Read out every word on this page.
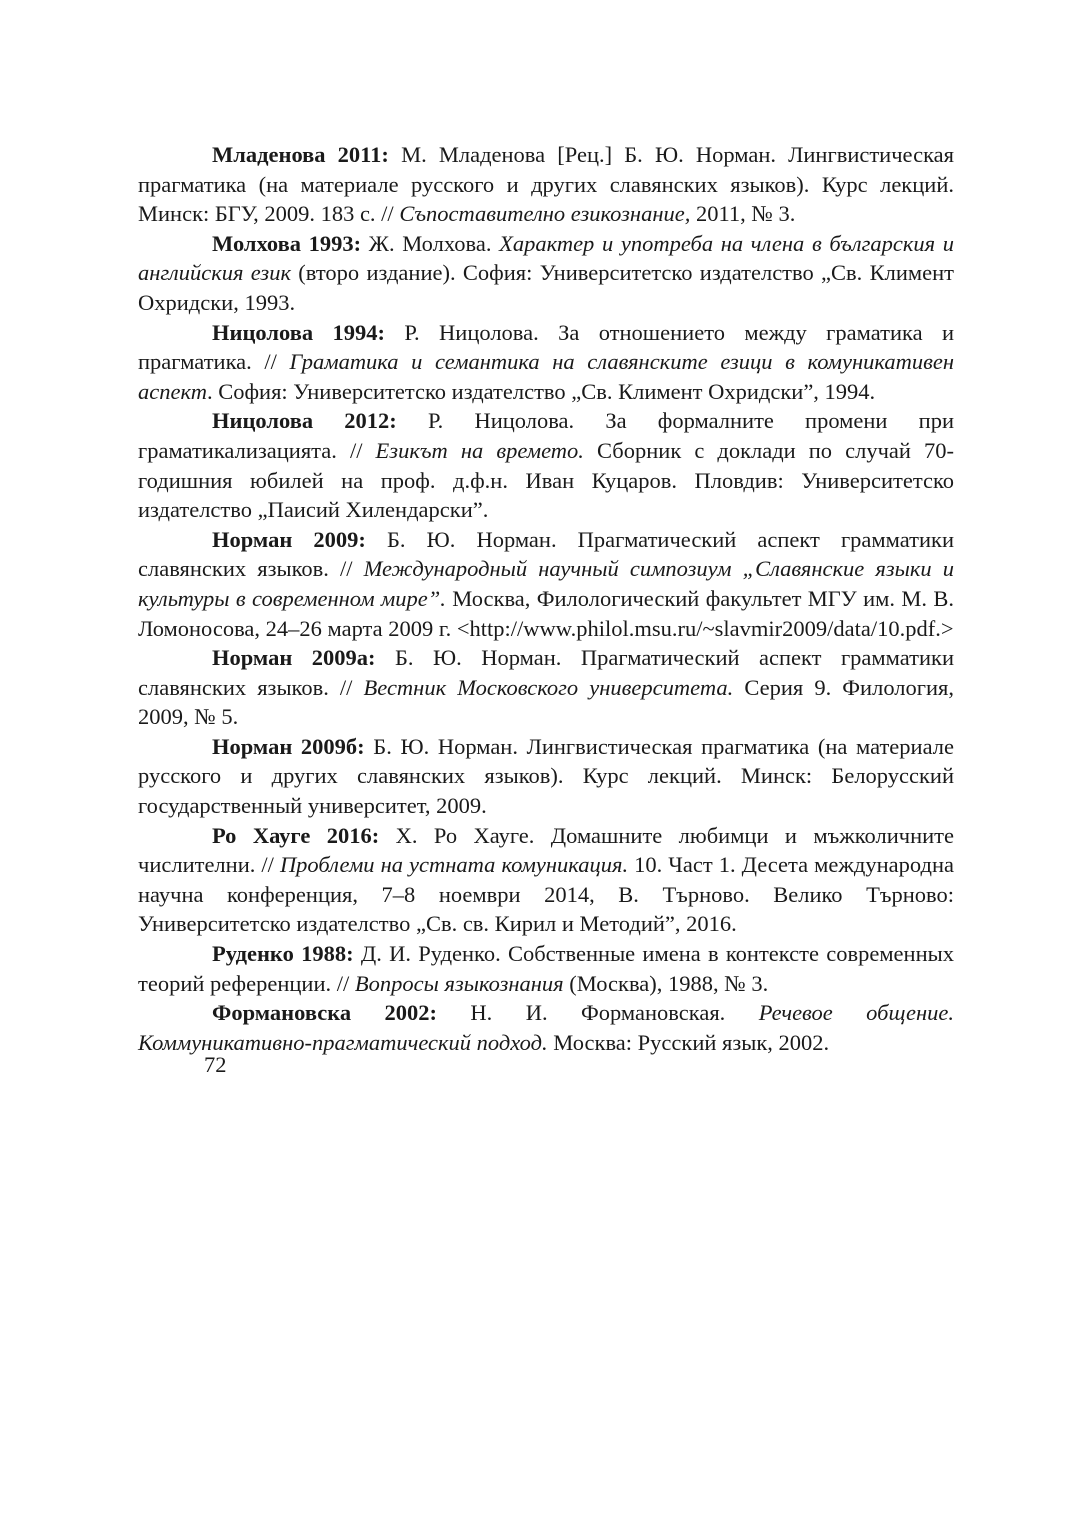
Младенова 2011: М. Младенова [Рец.] Б. Ю. Норман. Лингвистическая прагматика (на материале русского и других славянских языков). Курс лекций. Минск: БГУ, 2009. 183 с. // Съпоставително езикознание, 2011, № 3.

Молхова 1993: Ж. Молхова. Характер и употреба на члена в българския и английския език (второ издание). София: Университетско издателство „Св. Климент Охридски, 1993.

Ницолова 1994: Р. Ницолова. За отношението между граматика и прагматика. // Граматика и семантика на славянските езици в комуникативен аспект. София: Университетско издателство „Св. Климент Охридски”, 1994.

Ницолова 2012: Р. Ницолова. За формалните промени при граматикализацията. // Езикът на времето. Сборник с доклади по случай 70-годишния юбилей на проф. д.ф.н. Иван Куцаров. Пловдив: Университетско издателство „Паисий Хилендарски”.

Норман 2009: Б. Ю. Норман. Прагматический аспект грамматики славянских языков. // Международный научный симпозиум „Славянские языки и культуры в современном мире”. Москва, Филологический факультет МГУ им. М. В. Ломоносова, 24–26 марта 2009 г. <http://www.philol.msu.ru/~slavmir2009/data/10.pdf.>

Норман 2009а: Б. Ю. Норман. Прагматический аспект грамматики славянских языков. // Вестник Московского университета. Серия 9. Филология, 2009, № 5.

Норман 2009б: Б. Ю. Норман. Лингвистическая прагматика (на материале русского и других славянских языков). Курс лекций. Минск: Белорусский государственный университет, 2009.

Ро Хауге 2016: Х. Ро Хауге. Домашните любимци и мъжколичните числителни. // Проблеми на устната комуникация. 10. Част 1. Десета международна научна конференция, 7–8 ноември 2014, В. Търново. Велико Търново: Университетско издателство „Св. св. Кирил и Методий”, 2016.

Руденко 1988: Д. И. Руденко. Собственные имена в контексте современных теорий референции. // Вопросы языкознания (Москва), 1988, № 3.

Формановска 2002: Н. И. Формановская. Речевое общение. Коммуникативно-прагматический подход. Москва: Русский язык, 2002.

72
